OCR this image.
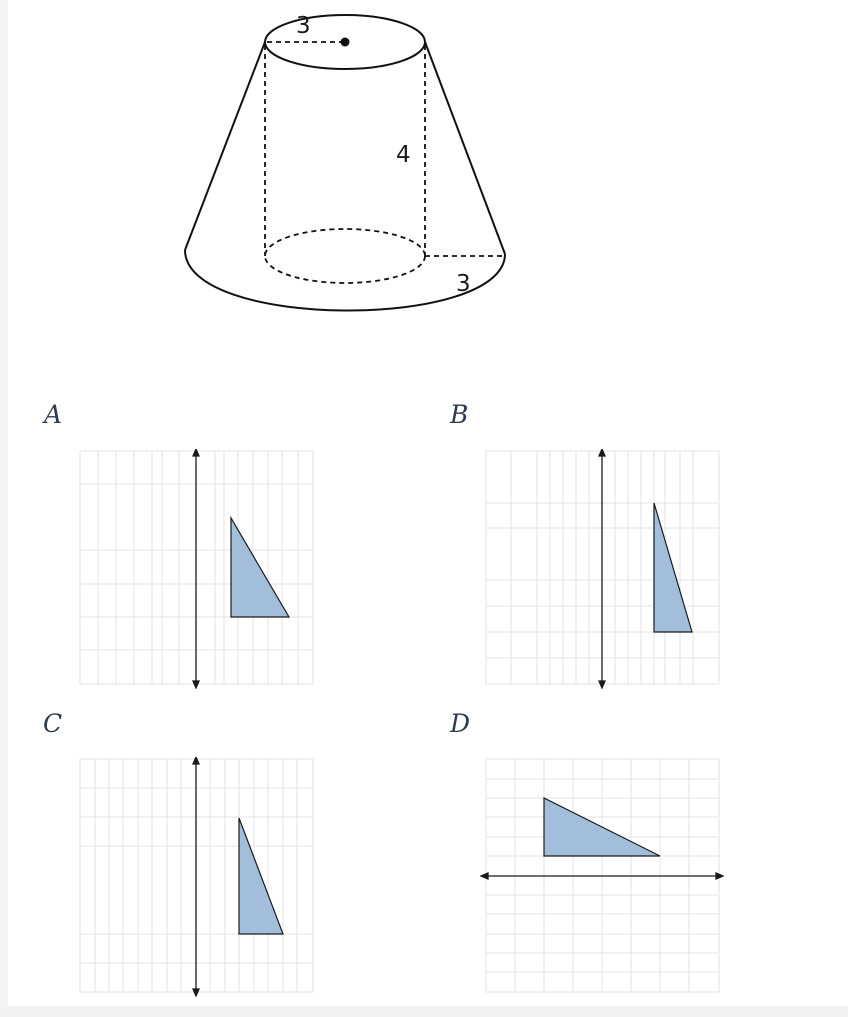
3
4
3
A	B
C	D
